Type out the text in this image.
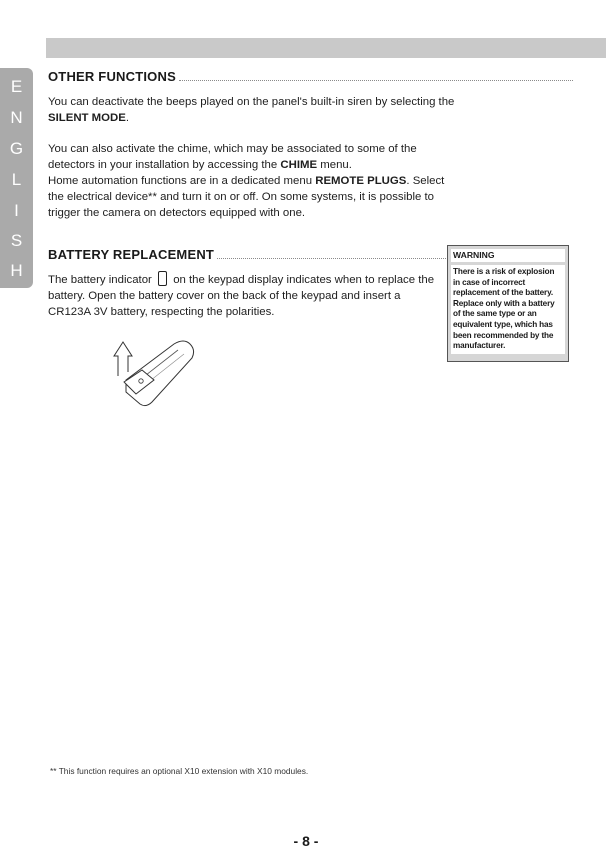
E
N
G
L
I
S
H
OTHER FUNCTIONS
You can deactivate the beeps played on the panel's built-in siren by selecting the SILENT MODE.
You can also activate the chime, which may be associated to some of the detectors in your installation by accessing the CHIME menu.
Home automation functions are in a dedicated menu REMOTE PLUGS. Select the electrical device** and turn it on or off. On some systems, it is possible to trigger the camera on detectors equipped with one.
BATTERY REPLACEMENT
The battery indicator on the keypad display indicates when to replace the battery. Open the battery cover on the back of the keypad and insert a CR123A 3V battery, respecting the polarities.
WARNING
There is a risk of explosion in case of incorrect replacement of the battery. Replace only with a battery of the same type or an equivalent type, which has been recommended by the manufacturer.
** This function requires an optional X10 extension with X10 modules.
- 8 -
